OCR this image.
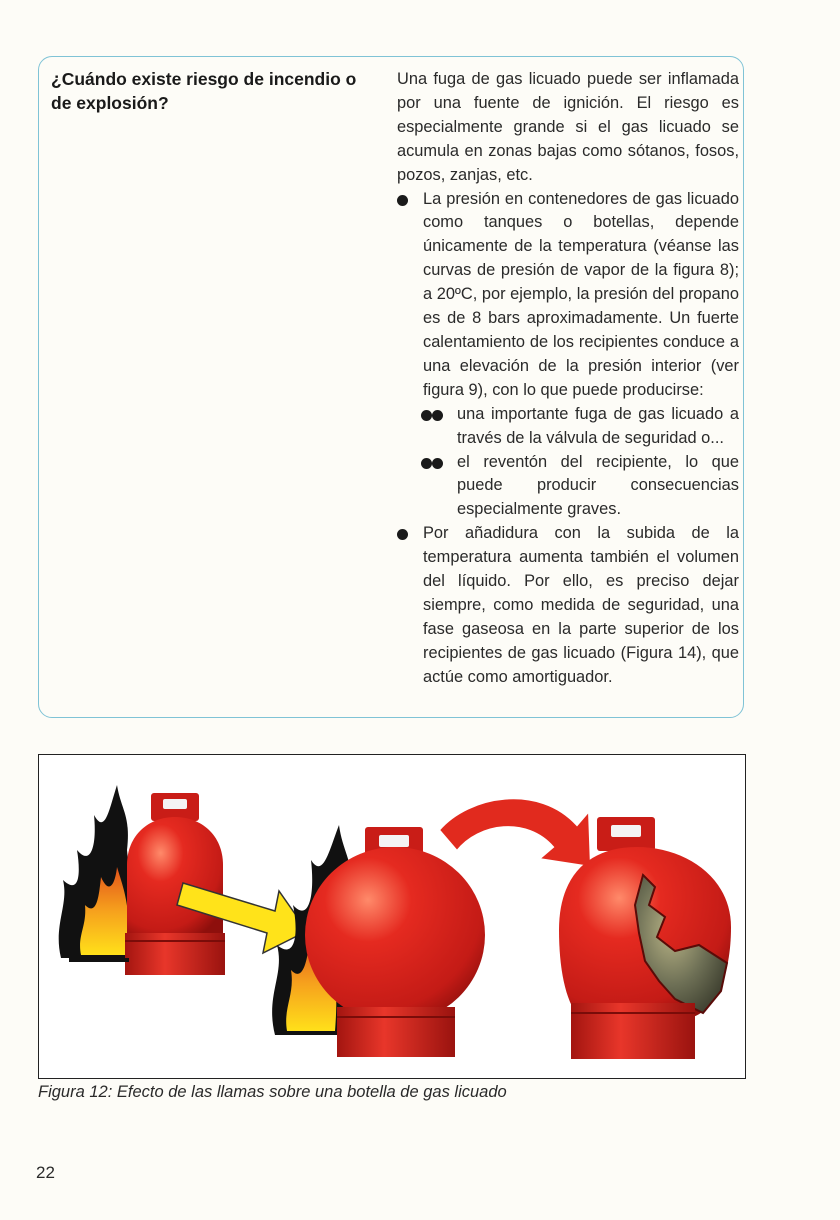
¿Cuándo existe riesgo de incendio o de explosión?

Una fuga de gas licuado puede ser inflamada por una fuente de ignición. El riesgo es especialmente grande si el gas licuado se acumula en zonas bajas como sótanos, fosos, pozos, zanjas, etc.

La presión en contenedores de gas licuado como tanques o botellas, depende únicamente de la temperatura (véanse las curvas de presión de vapor de la figura 8); a 20ºC, por ejemplo, la presión del propano es de 8 bars aproximadamente. Un fuerte calentamiento de los recipientes conduce a una elevación de la presión interior (ver figura 9), con lo que puede producirse:
una importante fuga de gas licuado a través de la válvula de seguridad o...
el reventón del recipiente, lo que puede producir consecuencias especialmente graves.
Por añadidura con la subida de la temperatura aumenta también el volumen del líquido. Por ello, es preciso dejar siempre, como medida de seguridad, una fase gaseosa en la parte superior de los recipientes de gas licuado (Figura 14), que actúe como amortiguador.

Figura 12: Efecto de las llamas sobre una botella de gas licuado

22
